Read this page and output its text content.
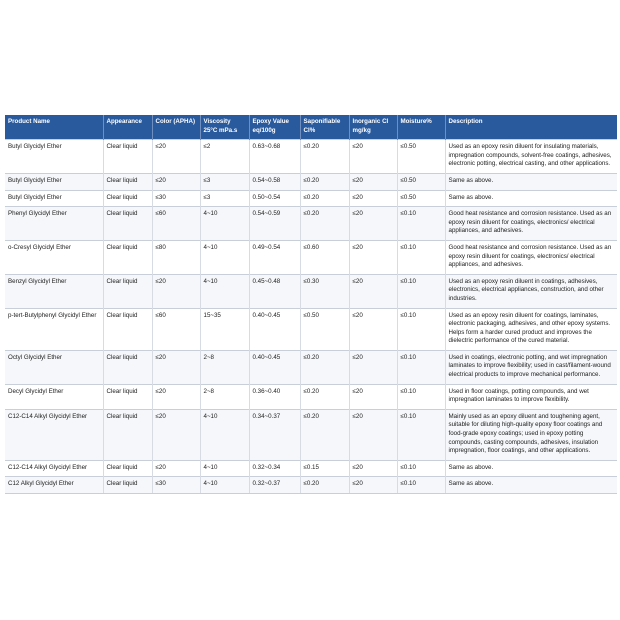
Product Name	Appearance	Color (APHA)	Viscosity 25°C mPa.s	Epoxy Value eq/100g	Saponifiable Cl%	Inorganic Cl mg/kg	Moisture%	Description
Butyl Glycidyl Ether	Clear liquid	≤20	≤2	0.63~0.68	≤0.20	≤20	≤0.50	Used as an epoxy resin diluent for insulating materials, impregnation compounds, solvent-free coatings, adhesives, electronic potting, electrical casting, and other applications.
Butyl Glycidyl Ether	Clear liquid	≤20	≤3	0.54~0.58	≤0.20	≤20	≤0.50	Same as above.
Butyl Glycidyl Ether	Clear liquid	≤30	≤3	0.50~0.54	≤0.20	≤20	≤0.50	Same as above.
Phenyl Glycidyl Ether	Clear liquid	≤60	4~10	0.54~0.59	≤0.20	≤20	≤0.10	Good heat resistance and corrosion resistance. Used as an epoxy resin diluent for coatings, electronics/ electrical appliances, and adhesives.
o-Cresyl Glycidyl Ether	Clear liquid	≤80	4~10	0.49~0.54	≤0.60	≤20	≤0.10	Good heat resistance and corrosion resistance. Used as an epoxy resin diluent for coatings, electronics/ electrical appliances, and adhesives.
Benzyl Glycidyl Ether	Clear liquid	≤20	4~10	0.45~0.48	≤0.30	≤20	≤0.10	Used as an epoxy resin diluent in coatings, adhesives, electronics, electrical appliances, construction, and other industries.
p-tert-Butylphenyl Glycidyl Ether	Clear liquid	≤60	15~35	0.40~0.45	≤0.50	≤20	≤0.10	Used as an epoxy resin diluent for coatings, laminates, electronic packaging, adhesives, and other epoxy systems. Helps form a harder cured product and improves the dielectric performance of the cured material.
Octyl Glycidyl Ether	Clear liquid	≤20	2~8	0.40~0.45	≤0.20	≤20	≤0.10	Used in coatings, electronic potting, and wet impregnation laminates to improve flexibility; used in cast/filament-wound electrical products to improve mechanical performance.
Decyl Glycidyl Ether	Clear liquid	≤20	2~8	0.36~0.40	≤0.20	≤20	≤0.10	Used in floor coatings, potting compounds, and wet impregnation laminates to improve flexibility.
C12-C14 Alkyl Glycidyl Ether	Clear liquid	≤20	4~10	0.34~0.37	≤0.20	≤20	≤0.10	Mainly used as an epoxy diluent and toughening agent, suitable for diluting high-quality epoxy floor coatings and food-grade epoxy coatings; used in epoxy potting compounds, casting compounds, adhesives, insulation impregnation, floor coatings, and other applications.
C12-C14 Alkyl Glycidyl Ether	Clear liquid	≤20	4~10	0.32~0.34	≤0.15	≤20	≤0.10	Same as above.
C12 Alkyl Glycidyl Ether	Clear liquid	≤30	4~10	0.32~0.37	≤0.20	≤20	≤0.10	Same as above.
